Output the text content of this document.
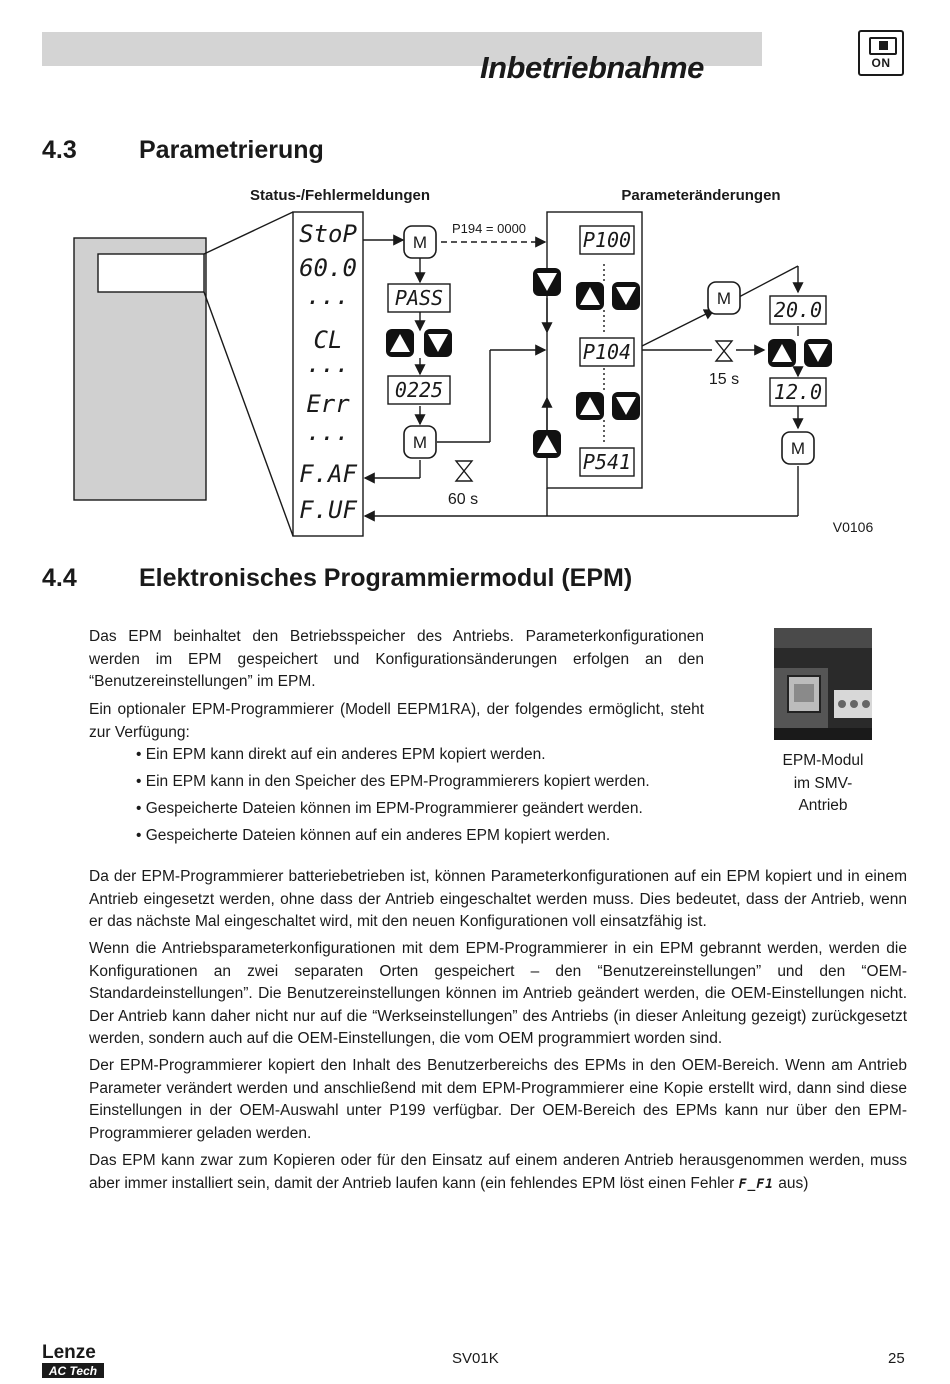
Inbetriebnahme	ON
4.3 Parametrierung
M
M
M
M
Status-/Fehlermeldungen	Parameteränderungen
P194 = 0000
60 s
15 s
V0106
StoP
60.0
...
CL
...
Err
...
F.AF
F.UF
PASS
0225
P100
P104
P541
20.0
12.0
4.4 Elektronisches Programmiermodul (EPM)

Das EPM beinhaltet den Betriebsspeicher des Antriebs. Parameterkonfigurationen werden im EPM gespeichert und Konfigurationsänderungen erfolgen an den “Benutzereinstellungen” im EPM.

Ein optionaler EPM-Programmierer (Modell EEPM1RA), der folgendes ermöglicht, steht zur Verfügung:

• Ein EPM kann direkt auf ein anderes EPM kopiert werden.
• Ein EPM kann in den Speicher des EPM-Programmierers kopiert werden.
• Gespeicherte Dateien können im EPM-Programmierer geändert werden.
• Gespeicherte Dateien können auf ein anderes EPM kopiert werden.
EPM-Modul
im SMV-
Antrieb

Da der EPM-Programmierer batteriebetrieben ist, können Parameterkonfigurationen auf ein EPM kopiert und in einem Antrieb eingesetzt werden, ohne dass der Antrieb eingeschaltet werden muss. Dies bedeutet, dass der Antrieb, wenn er das nächste Mal eingeschaltet wird, mit den neuen Konfigurationen voll einsatzfähig ist.

Wenn die Antriebsparameterkonfigurationen mit dem EPM-Programmierer in ein EPM gebrannt werden, werden die Konfigurationen an zwei separaten Orten gespeichert – den “Benutzereinstellungen” und den “OEM-Standardeinstellungen”. Die Benutzereinstellungen können im Antrieb geändert werden, die OEM-Einstellungen nicht. Der Antrieb kann daher nicht nur auf die “Werkseinstellungen” des Antriebs (in dieser Anleitung gezeigt) zurückgesetzt werden, sondern auch auf die OEM-Einstellungen, die vom OEM programmiert worden sind.

Der EPM-Programmierer kopiert den Inhalt des Benutzerbereichs des EPMs in den OEM-Bereich. Wenn am Antrieb Parameter verändert werden und anschließend mit dem EPM-Programmierer eine Kopie erstellt wird, dann sind diese Einstellungen in der OEM-Auswahl unter P199 verfügbar. Der OEM-Bereich des EPMs kann nur über den EPM-Programmierer geladen werden.

Das EPM kann zwar zum Kopieren oder für den Einsatz auf einem anderen Antrieb herausgenommen werden, muss aber immer installiert sein, damit der Antrieb laufen kann (ein fehlendes EPM löst einen Fehler F_F1 aus)

Lenze
AC Tech
SV01K	25
